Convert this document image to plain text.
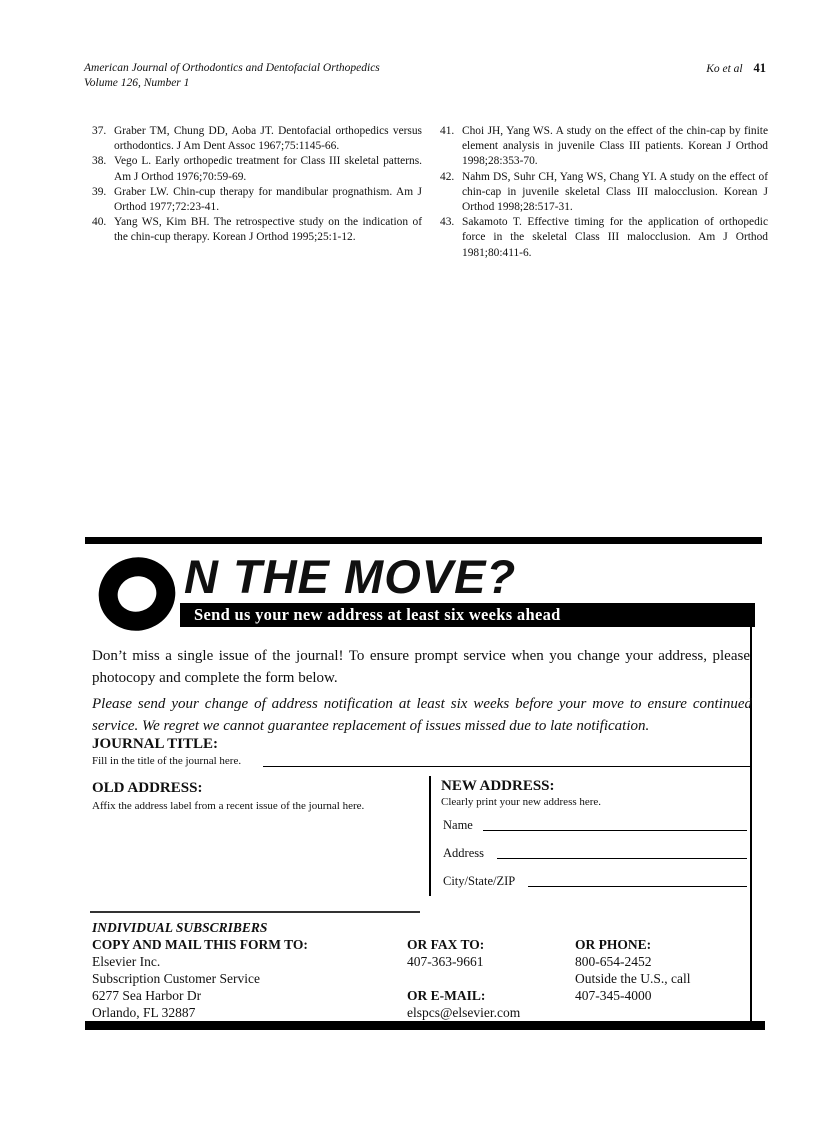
American Journal of Orthodontics and Dentofacial Orthopedics
Volume 126, Number 1
Ko et al 41
37. Graber TM, Chung DD, Aoba JT. Dentofacial orthopedics versus orthodontics. J Am Dent Assoc 1967;75:1145-66.
38. Vego L. Early orthopedic treatment for Class III skeletal patterns. Am J Orthod 1976;70:59-69.
39. Graber LW. Chin-cup therapy for mandibular prognathism. Am J Orthod 1977;72:23-41.
40. Yang WS, Kim BH. The retrospective study on the indication of the chin-cup therapy. Korean J Orthod 1995;25:1-12.
41. Choi JH, Yang WS. A study on the effect of the chin-cap by finite element analysis in juvenile Class III patients. Korean J Orthod 1998;28:353-70.
42. Nahm DS, Suhr CH, Yang WS, Chang YI. A study on the effect of chin-cap in juvenile skeletal Class III malocclusion. Korean J Orthod 1998;28:517-31.
43. Sakamoto T. Effective timing for the application of orthopedic force in the skeletal Class III malocclusion. Am J Orthod 1981;80:411-6.
N THE MOVE?
Send us your new address at least six weeks ahead
Don’t miss a single issue of the journal! To ensure prompt service when you change your address, please photocopy and complete the form below.
Please send your change of address notification at least six weeks before your move to ensure continued service. We regret we cannot guarantee replacement of issues missed due to late notification.
JOURNAL TITLE:
Fill in the title of the journal here.
OLD ADDRESS:
Affix the address label from a recent issue of the journal here.
NEW ADDRESS:
Clearly print your new address here.
Name
Address
City/State/ZIP
INDIVIDUAL SUBSCRIBERS
COPY AND MAIL THIS FORM TO:
Elsevier Inc.
Subscription Customer Service
6277 Sea Harbor Dr
Orlando, FL 32887
OR FAX TO:
407-363-9661
OR E-MAIL:
elspcs@elsevier.com
OR PHONE:
800-654-2452
Outside the U.S., call
407-345-4000
